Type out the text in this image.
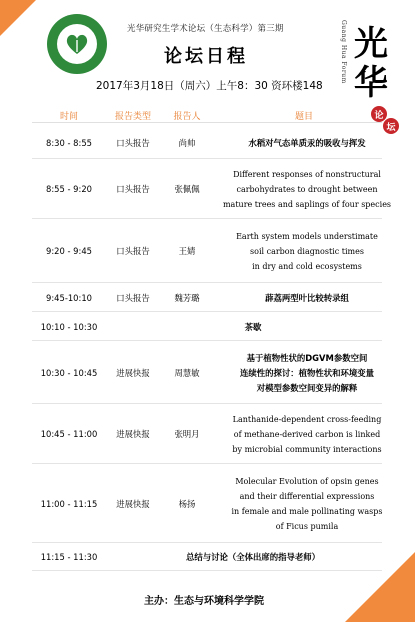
光华研究生学术论坛（生态科学）第三期
论坛日程
2017年3月18日（周六）上午8：30 资环楼148
Guang Hua Forum 光
华
论
坛
时间	报告类型	报告人	题目
8:30 - 8:55	口头报告	尚帅	水稻对气态单质汞的吸收与挥发
8:55 - 9:20	口头报告	张佩佩
Different responses of nonstructural
carbohydrates to drought between
mature trees and saplings of four species
9:20 - 9:45	口头报告	王婧
Earth system models understimate
soil carbon diagnostic times
in dry and cold ecosystems
9:45-10:10	口头报告	魏芳璐	薜荔两型叶比较转录组
10:10 - 10:30	茶歇
10:30 - 10:45 进展快报	周慧敏
基于植物性状的DGVM参数空间
连续性的探讨：植物性状和环境变量
对模型参数空间变异的解释
10:45 - 11:00 进展快报	张明月
Lanthanide-dependent cross-feeding
of methane-derived carbon is linked
by microbial community interactions
11:00 - 11:15 进展快报	杨扬
Molecular Evolution of opsin genes
and their differential expressions
in female and male pollinating wasps
of Ficus pumila
11:15 - 11:30	总结与讨论（全体出席的指导老师）
主办：生态与环境科学学院
